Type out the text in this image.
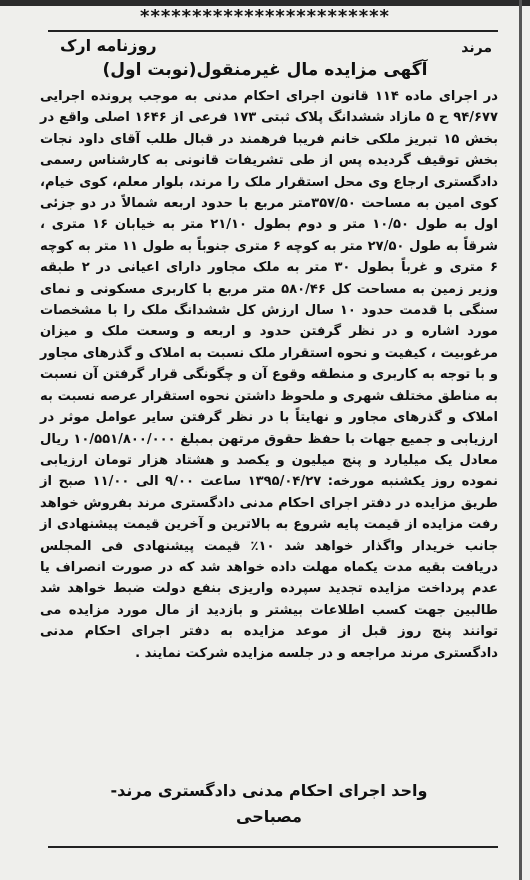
************************
روزنامه ارک	مرند
آگهی مزایده مال غیرمنقول(نوبت اول)
در اجرای ماده ۱۱۴ قانون اجرای احکام مدنی به موجب پرونده اجرایی ۹۴/۶۷۷ ح ۵ مازاد ششدانگ پلاک ثبتی ۱۷۳ فرعی از ۱۶۴۶ اصلی واقع در بخش ۱۵ تبریز ملکی خانم فریبا فرهمند در قبال طلب آقای داود نجات بخش توقیف گردیده پس از طی تشریفات قانونی به کارشناس رسمی دادگستری ارجاع وی محل استقرار ملک را مرند، بلوار معلم، کوی خیام، کوی امین به مساحت ۳۵۷/۵۰متر مربع با حدود اربعه شمالاً در دو جزئی اول به طول ۱۰/۵۰ متر و دوم بطول ۲۱/۱۰ متر به خیابان ۱۶ متری ، شرقاً به طول ۲۷/۵۰ متر به کوچه ۶ متری جنوباً به طول ۱۱ متر به کوچه ۶ متری و غرباً بطول ۳۰ متر به ملک مجاور دارای اعیانی در ۲ طبقه وزیر زمین به مساحت کل ۵۸۰/۴۶ متر مربع با کاربری مسکونی و نمای سنگی با قدمت حدود ۱۰ سال ارزش کل ششدانگ ملک را با مشخصات مورد اشاره و در نظر گرفتن حدود و اربعه و وسعت ملک و میزان مرغوبیت ، کیفیت و نحوه استقرار ملک نسبت به املاک و گذرهای مجاور و با توجه به کاربری و منطقه وقوع آن و چگونگی قرار گرفتن آن نسبت به مناطق مختلف شهری و ملحوظ داشتن نحوه استقرار عرصه نسبت به املاک و گذرهای مجاور و نهایتاً با در نظر گرفتن سایر عوامل موثر در ارزیابی و جمیع جهات با حفظ حقوق مرتهن بمبلغ ۱۰/۵۵۱/۸۰۰/۰۰۰ ریال معادل یک میلیارد و پنج میلیون و یکصد و هشتاد هزار تومان ارزیابی نموده روز یکشنبه مورخه: ۱۳۹۵/۰۴/۲۷ ساعت ۹/۰۰ الی ۱۱/۰۰ صبح از طریق مزایده در دفتر اجرای احکام مدنی دادگستری مرند بفروش خواهد رفت مزایده از قیمت پایه شروع به بالاترین و آخرین قیمت پیشنهادی از جانب خریدار واگذار خواهد شد ۱۰٪ قیمت پیشنهادی فی المجلس دریافت بقیه مدت یکماه مهلت داده خواهد شد که در صورت انصراف یا عدم پرداخت مزایده تجدید سپرده واریزی بنفع دولت ضبط خواهد شد طالبین جهت کسب اطلاعات بیشتر و بازدید از مال مورد مزایده می توانند پنج روز قبل از موعد مزایده به دفتر اجرای احکام مدنی دادگستری مرند مراجعه و در جلسه مزایده شرکت نمایند .
واحد اجرای احکام مدنی دادگستری مرند-
مصباحی
